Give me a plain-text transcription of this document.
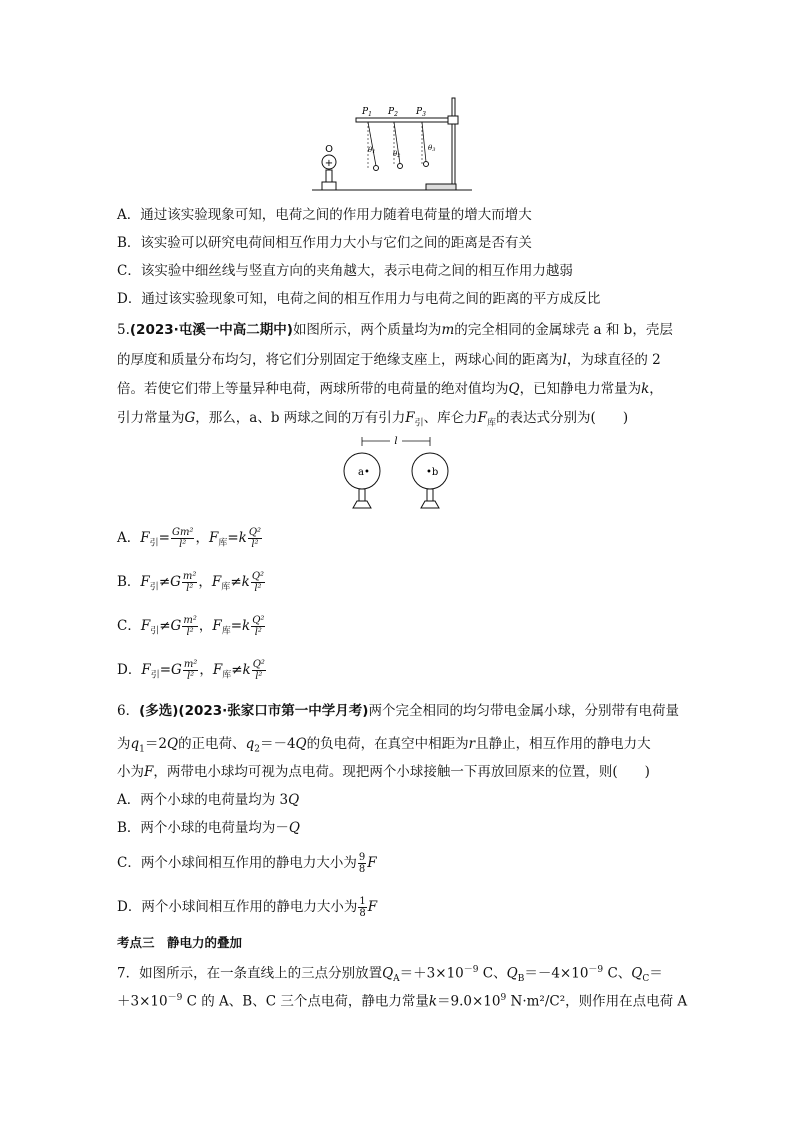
+
O
$P_1$ $P_2$ $P_3$
θ1	θ2
θ3
A．通过该实验现象可知，电荷之间的作用力随着电荷量的增大而增大
B．该实验可以研究电荷间相互作用力大小与它们之间的距离是否有关
C．该实验中细丝线与竖直方向的夹角越大，表示电荷之间的相互作用力越弱
D．通过该实验现象可知，电荷之间的相互作用力与电荷之间的距离的平方成反比
5.(2023·屯溪一中高二期中)如图所示，两个质量均为m的完全相同的金属球壳 a 和 b，壳层
的厚度和质量分布均匀，将它们分别固定于绝缘支座上，两球心间的距离为l，为球直径的 2
倍。若使它们带上等量异种电荷，两球所带的电荷量的绝对值均为Q，已知静电力常量为k，
引力常量为G，那么，a、b 两球之间的万有引力$F_引$、库仑力$F_库$的表达式分别为(　　)
l
a•	•b
A．$F_引= \frac{\text{Gm²}}{\text{l²}}$ ，$F_库=k \frac{\text{Q²}}{\text{l²}}$
B．$F_引\ne G \frac{\text{m²}}{\text{l²}}$ ，$F_库\ne k \frac{\text{Q²}}{\text{l²}}$
C．$F_引\ne G \frac{\text{m²}}{\text{l²}}$ ，$F_库=k \frac{\text{Q²}}{\text{l²}}$
D．$F_引=G \frac{\text{m²}}{\text{l²}}$ ，$F_库\ne k \frac{\text{Q²}}{\text{l²}}$
6．(多选)(2023·张家口市第一中学月考)两个完全相同的均匀带电金属小球，分别带有电荷量
为$q_1=2Q$的正电荷、$q_2=-4Q$的负电荷，在真空中相距为r且静止，相互作用的静电力大
小为F，两带电小球均可视为点电荷。现把两个小球接触一下再放回原来的位置，则(　　)
A．两个小球的电荷量均为 3Q
B．两个小球的电荷量均为－Q
C．两个小球间相互作用的静电力大小为 $\frac{9}{8}$ F
D．两个小球间相互作用的静电力大小为 $\frac{1}{8}$ F
考点三　静电力的叠加
7．如图所示，在一条直线上的三点分别放置$Q_A=+3\times 10^{-9}$ C、$Q_B=-4\times 10^{-9}$ C、$Q_C=$
$+3\times 10^{-9}$ C 的 A、B、C 三个点电荷，静电力常量$k=9.0\times 10^9$ N·m²/C²，则作用在点电荷 A
